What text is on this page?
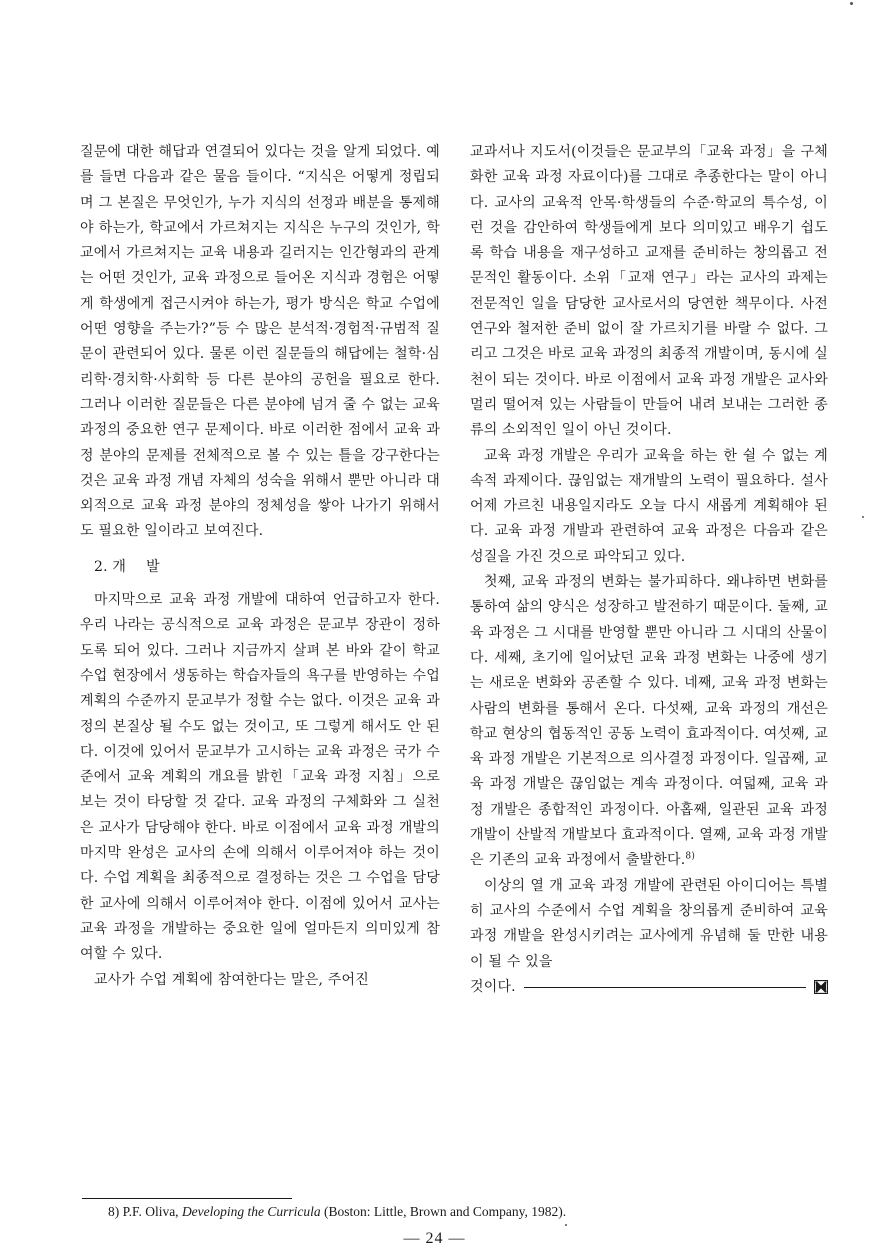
질문에 대한 해답과 연결되어 있다는 것을 알게 되었다. 예를 들면 다음과 같은 물음 들이다. “지식은 어떻게 정립되며 그 본질은 무엇인가, 누가 지식의 선정과 배분을 통제해야 하는가, 학교에서 가르쳐지는 지식은 누구의 것인가, 학교에서 가르쳐지는 교육 내용과 길러지는 인간형과의 관계는 어떤 것인가, 교육 과정으로 들어온 지식과 경험은 어떻게 학생에게 접근시켜야 하는가, 평가 방식은 학교 수업에 어떤 영향을 주는가?”등 수 많은 분석적·경험적·규범적 질문이 관련되어 있다. 물론 이런 질문들의 해답에는 철학·심리학·경치학·사회학 등 다른 분야의 공헌을 필요로 한다. 그러나 이러한 질문들은 다른 분야에 넘겨 줄 수 없는 교육 과정의 중요한 연구 문제이다. 바로 이러한 점에서 교육 과정 분야의 문제를 전체적으로 볼 수 있는 틀을 강구한다는 것은 교육 과정 개념 자체의 성숙을 위해서 뿐만 아니라 대외적으로 교육 과정 분야의 정체성을 쌓아 나가기 위해서도 필요한 일이라고 보여진다.

2. 개 발

마지막으로 교육 과정 개발에 대하여 언급하고자 한다. 우리 나라는 공식적으로 교육 과정은 문교부 장관이 정하도록 되어 있다. 그러나 지금까지 살펴 본 바와 같이 학교 수업 현장에서 생동하는 학습자들의 욕구를 반영하는 수업 계획의 수준까지 문교부가 정할 수는 없다. 이것은 교육 과정의 본질상 될 수도 없는 것이고, 또 그렇게 해서도 안 된다. 이것에 있어서 문교부가 고시하는 교육 과정은 국가 수준에서 교육 계획의 개요를 밝힌「교육 과정 지침」으로 보는 것이 타당할 것 같다. 교육 과정의 구체화와 그 실천은 교사가 담당해야 한다. 바로 이점에서 교육 과정 개발의 마지막 완성은 교사의 손에 의해서 이루어져야 하는 것이다. 수업 계획을 최종적으로 결정하는 것은 그 수업을 담당한 교사에 의해서 이루어져야 한다. 이점에 있어서 교사는 교육 과정을 개발하는 중요한 일에 얼마든지 의미있게 참여할 수 있다.

교사가 수업 계획에 참여한다는 말은, 주어진

교과서나 지도서(이것들은 문교부의「교육 과정」을 구체화한 교육 과정 자료이다)를 그대로 추종한다는 말이 아니다. 교사의 교육적 안목·학생들의 수준·학교의 특수성, 이런 것을 감안하여 학생들에게 보다 의미있고 배우기 쉽도록 학습 내용을 재구성하고 교재를 준비하는 창의롭고 전문적인 활동이다. 소위「교재 연구」라는 교사의 과제는 전문적인 일을 담당한 교사로서의 당연한 책무이다. 사전 연구와 철저한 준비 없이 잘 가르치기를 바랄 수 없다. 그리고 그것은 바로 교육 과정의 최종적 개발이며, 동시에 실천이 되는 것이다. 바로 이점에서 교육 과정 개발은 교사와 멀리 떨어져 있는 사람들이 만들어 내려 보내는 그러한 종류의 소외적인 일이 아닌 것이다.

교육 과정 개발은 우리가 교육을 하는 한 쉴 수 없는 계속적 과제이다. 끊임없는 재개발의 노력이 필요하다. 설사 어제 가르친 내용일지라도 오늘 다시 새롭게 계획해야 된다. 교육 과정 개발과 관련하여 교육 과정은 다음과 같은 성질을 가진 것으로 파악되고 있다.

첫째, 교육 과정의 변화는 불가피하다. 왜냐하면 변화를 통하여 삶의 양식은 성장하고 발전하기 때문이다. 둘째, 교육 과정은 그 시대를 반영할 뿐만 아니라 그 시대의 산물이다. 세째, 초기에 일어났던 교육 과정 변화는 나중에 생기는 새로운 변화와 공존할 수 있다. 네째, 교육 과정 변화는 사람의 변화를 통해서 온다. 다섯째, 교육 과정의 개선은 학교 현상의 협동적인 공동 노력이 효과적이다. 여섯째, 교육 과정 개발은 기본적으로 의사결정 과정이다. 일곱째, 교육 과정 개발은 끊임없는 계속 과정이다. 여덟째, 교육 과정 개발은 종합적인 과정이다. 아홉째, 일관된 교육 과정 개발이 산발적 개발보다 효과적이다. 열째, 교육 과정 개발은 기존의 교육 과정에서 출발한다.$^{8)}$

이상의 열 개 교육 과정 개발에 관련된 아이디어는 특별히 교사의 수준에서 수업 계획을 창의롭게 준비하여 교육 과정 개발을 완성시키려는 교사에게 유념해 둘 만한 내용이 될 수 있을

것이다.

8) P.F. Oliva, Developing the Curricula (Boston: Little, Brown and Company, 1982).
— 24 —
